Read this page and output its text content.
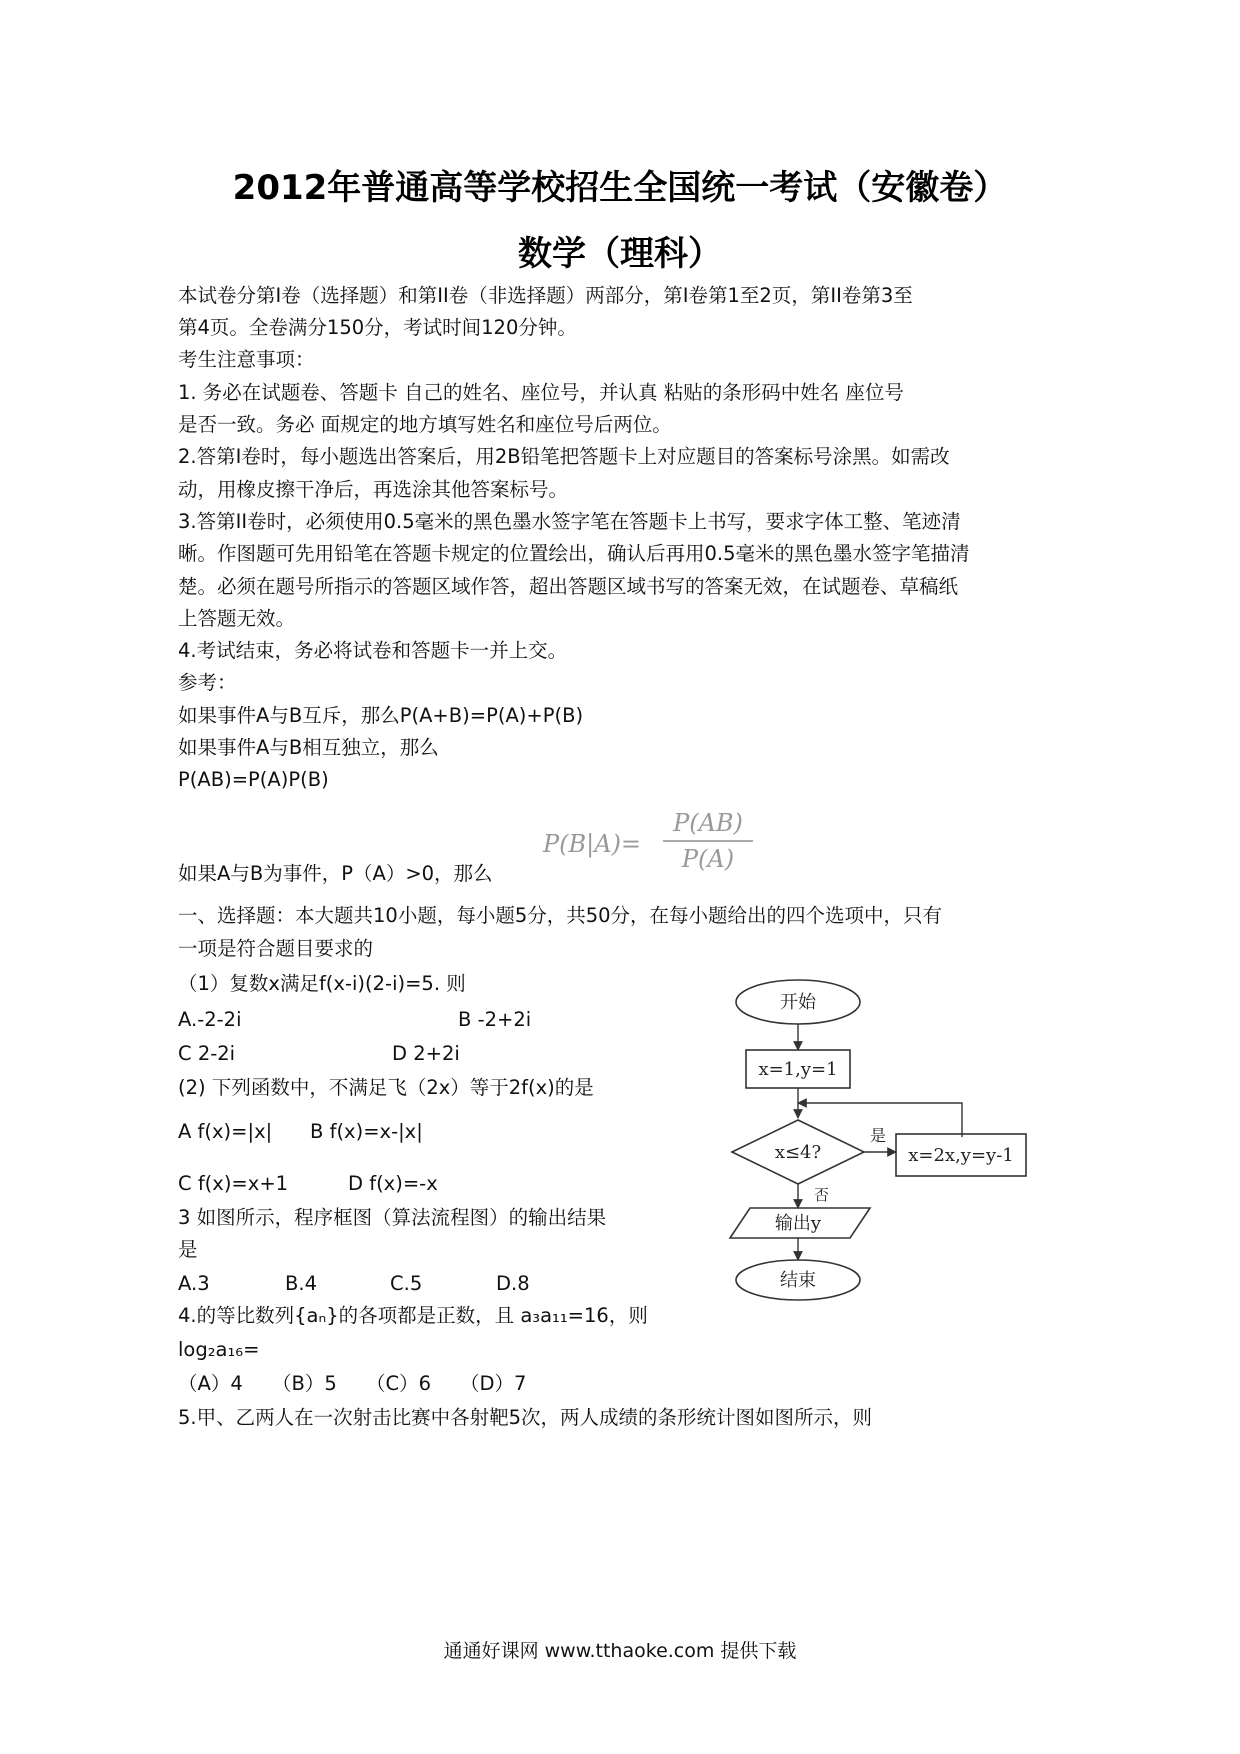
2012年普通高等学校招生全国统一考试（安徽卷）
数学（理科）
本试卷分第I卷（选择题）和第II卷（非选择题）两部分，第I卷第1至2页，第II卷第3至
第4页。全卷满分150分，考试时间120分钟。
考生注意事项：
1. 务必在试题卷、答题卡 自己的姓名、座位号，并认真 粘贴的条形码中姓名 座位号
是否一致。务必 面规定的地方填写姓名和座位号后两位。
2.答第I卷时，每小题选出答案后，用2B铅笔把答题卡上对应题目的答案标号涂黑。如需改
动，用橡皮擦干净后，再选涂其他答案标号。
3.答第II卷时，必须使用0.5毫米的黑色墨水签字笔在答题卡上书写，要求字体工整、笔迹清
晰。作图题可先用铅笔在答题卡规定的位置绘出，确认后再用0.5毫米的黑色墨水签字笔描清
楚。必须在题号所指示的答题区域作答，超出答题区域书写的答案无效，在试题卷、草稿纸
上答题无效。
4.考试结束，务必将试卷和答题卡一并上交。
参考：
如果事件A与B互斥，那么P(A+B)=P(A)+P(B)
如果事件A与B相互独立，那么
P(AB)=P(A)P(B)
P(B|A)=
P(AB)
P(A)
如果A与B为事件，P（A）>0，那么
一、选择题：本大题共10小题，每小题5分，共50分，在每小题给出的四个选项中，只有
一项是符合题目要求的
（1）复数x满足f(x-i)(2-i)=5. 则
A.-2-2i	B -2+2i
C 2-2i	D 2+2i
(2) 下列函数中，不满足飞（2x）等于2f(x)的是
A f(x)=|x| B f(x)=x-|x|
C f(x)=x+1	D f(x)=-x
3 如图所示，程序框图（算法流程图）的输出结果
是
A.3	B.4	C.5	D.8
4.的等比数列{aₙ}的各项都是正数，且 a₃a₁₁=16，则
log₂a₁₆=
（A）4 （B）5 （C）6 （D）7
5.甲、乙两人在一次射击比赛中各射靶5次，两人成绩的条形统计图如图所示，则
开始
x=1,y=1
x≤4?
是
x=2x,y=y-1
否
输出y
结束
通通好课网 www.tthaoke.com 提供下载
